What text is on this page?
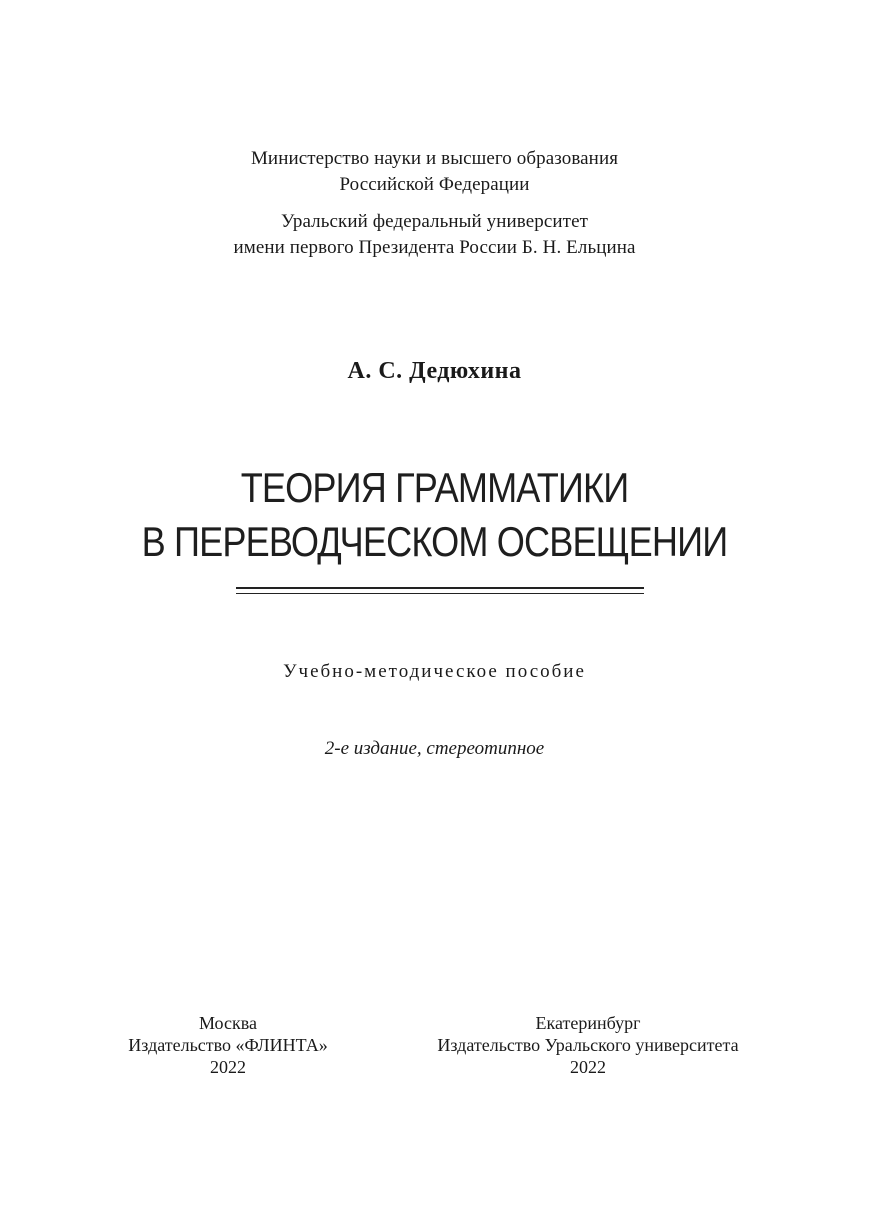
Министерство науки и высшего образования
Российской Федерации
Уральский федеральный университет
имени первого Президента России Б. Н. Ельцина
А. С. Дедюхина
ТЕОРИЯ ГРАММАТИКИ
В ПЕРЕВОДЧЕСКОМ ОСВЕЩЕНИИ
Учебно-методическое пособие
2-е издание, стереотипное
Москва
Издательство «ФЛИНТА»
2022
Екатеринбург
Издательство Уральского университета
2022
